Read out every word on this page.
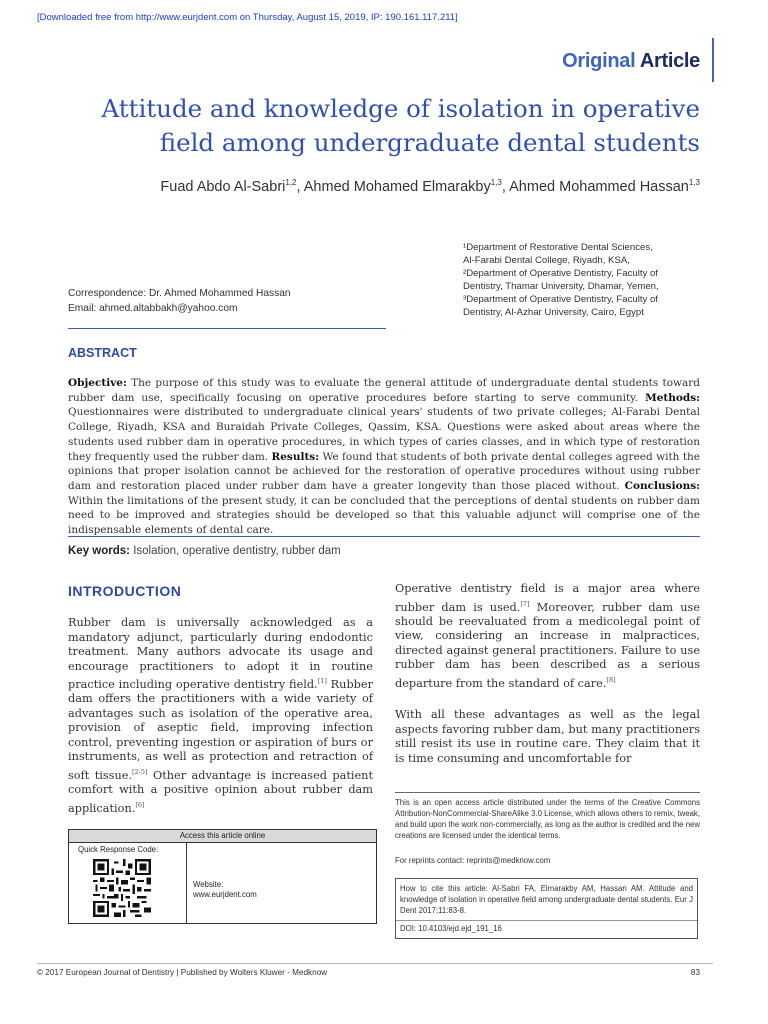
[Downloaded free from http://www.eurjdent.com on Thursday, August 15, 2019, IP: 190.161.117.211]
Original Article
Attitude and knowledge of isolation in operative
field among undergraduate dental students
Fuad Abdo Al-Sabri$^{1,2}$, Ahmed Mohamed Elmarakby$^{1,3}$, Ahmed Mohammed Hassan$^{1,3}$
¹Department of Restorative Dental Sciences,
Al-Farabi Dental College, Riyadh, KSA,
²Department of Operative Dentistry, Faculty of
Dentistry, Thamar University, Dhamar, Yemen,
³Department of Operative Dentistry, Faculty of
Dentistry, Al-Azhar University, Cairo, Egypt
Correspondence: Dr. Ahmed Mohammed Hassan
Email: ahmed.altabbakh@yahoo.com
ABSTRACT
Objective: The purpose of this study was to evaluate the general attitude of undergraduate dental students toward rubber dam use, specifically focusing on operative procedures before starting to serve community. Methods: Questionnaires were distributed to undergraduate clinical years' students of two private colleges; Al-Farabi Dental College, Riyadh, KSA and Buraidah Private Colleges, Qassim, KSA. Questions were asked about areas where the students used rubber dam in operative procedures, in which types of caries classes, and in which type of restoration they frequently used the rubber dam. Results: We found that students of both private dental colleges agreed with the opinions that proper isolation cannot be achieved for the restoration of operative procedures without using rubber dam and restoration placed under rubber dam have a greater longevity than those placed without. Conclusions: Within the limitations of the present study, it can be concluded that the perceptions of dental students on rubber dam need to be improved and strategies should be developed so that this valuable adjunct will comprise one of the indispensable elements of dental care.
Key words: Isolation, operative dentistry, rubber dam
INTRODUCTION
Rubber dam is universally acknowledged as a mandatory adjunct, particularly during endodontic treatment. Many authors advocate its usage and encourage practitioners to adopt it in routine practice including operative dentistry field.[1] Rubber dam offers the practitioners with a wide variety of advantages such as isolation of the operative area, provision of aseptic field, improving infection control, preventing ingestion or aspiration of burs or instruments, as well as protection and retraction of soft tissue.[2-5] Other advantage is increased patient comfort with a positive opinion about rubber dam application.[6]

Operative dentistry field is a major area where rubber dam is used.[7] Moreover, rubber dam use should be reevaluated from a medicolegal point of view, considering an increase in malpractices, directed against general practitioners. Failure to use rubber dam has been described as a serious departure from the standard of care.[8]

With all these advantages as well as the legal aspects favoring rubber dam, but many practitioners still resist its use in routine care. They claim that it is time consuming and uncomfortable for

This is an open access article distributed under the terms of the Creative Commons Attribution-NonCommercial-ShareAlike 3.0 License, which allows others to remix, tweak, and build upon the work non-commercially, as long as the author is credited and the new creations are licensed under the identical terms.
For reprints contact: reprints@medknow.com
How to cite this article: Al-Sabri FA, Elmarakby AM, Hassan AM. Attitude and knowledge of isolation in operative field among undergraduate dental students. Eur J Dent 2017;11:83-8.
DOI: 10.4103/ejd.ejd_191_16
Access this article online
Quick Response Code:
Website:
www.eurjdent.com
© 2017 European Journal of Dentistry | Published by Wolters Kluwer - Medknow	83
